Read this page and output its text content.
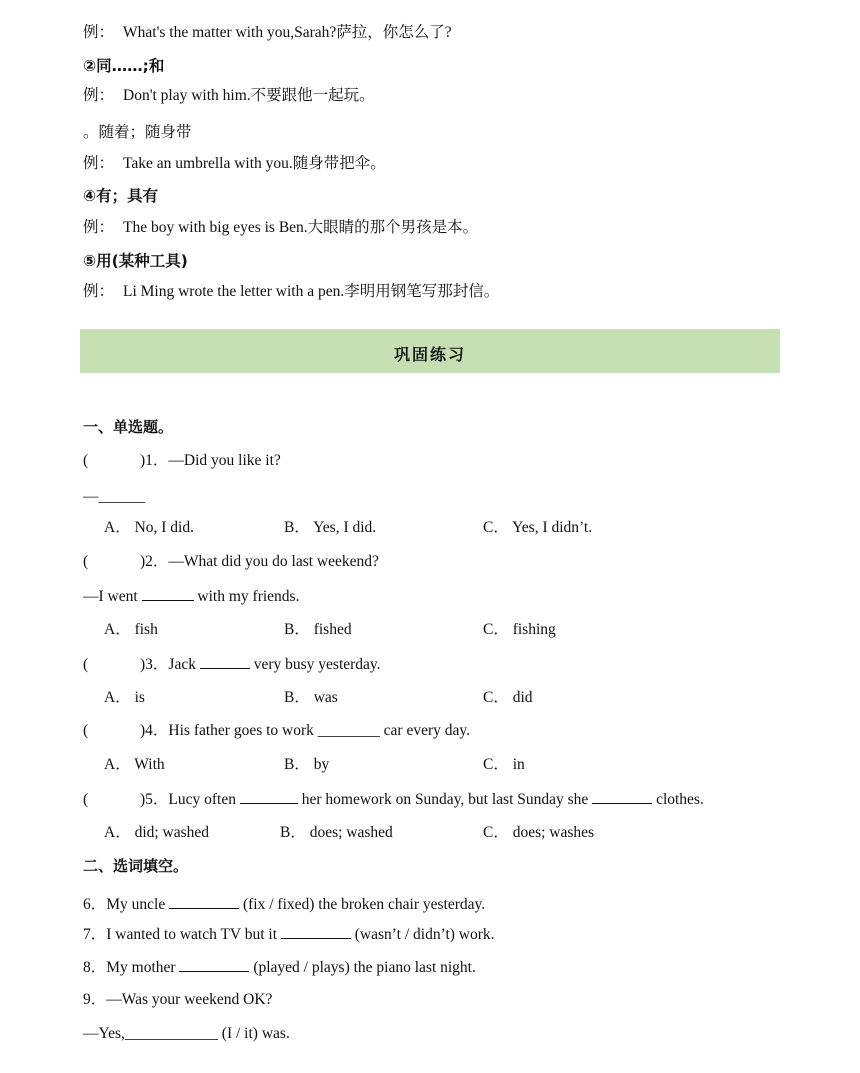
例： What's the matter with you,Sarah?萨拉，你怎么了?
②同……;和
例： Don't play with him.不要跟他一起玩。
。随着；随身带
例： Take an umbrella with you.随身带把伞。
④有；具有
例： The boy with big eyes is Ben.大眼睛的那个男孩是本。
⑤用(某种工具)
例： Li Ming wrote the letter with a pen.李明用钢笔写那封信。
巩固练习
一、单选题。
(	)1．—Did you like it?
—______
A． No, I did.	B． Yes, I did.	C． Yes, I didn’t.
(	)2．—What did you do last weekend?
—I went	with my friends.
A． fish	B． fished	C． fishing
(	)3．Jack	very busy yesterday.
A． is	B． was	C． did
(	)4．His father goes to work ________ car every day.
A． With	B． by	C． in
(	)5．Lucy often	her homework on Sunday, but last Sunday she	clothes.
A． did; washed	B． does; washed	C． does; washes
二、选词填空。
6．My uncle	(fix / fixed) the broken chair yesterday.
7．I wanted to watch TV but it	(wasn’t / didn’t) work.
8．My mother	(played / plays) the piano last night.
9．—Was your weekend OK?
—Yes,____________ (I / it) was.
